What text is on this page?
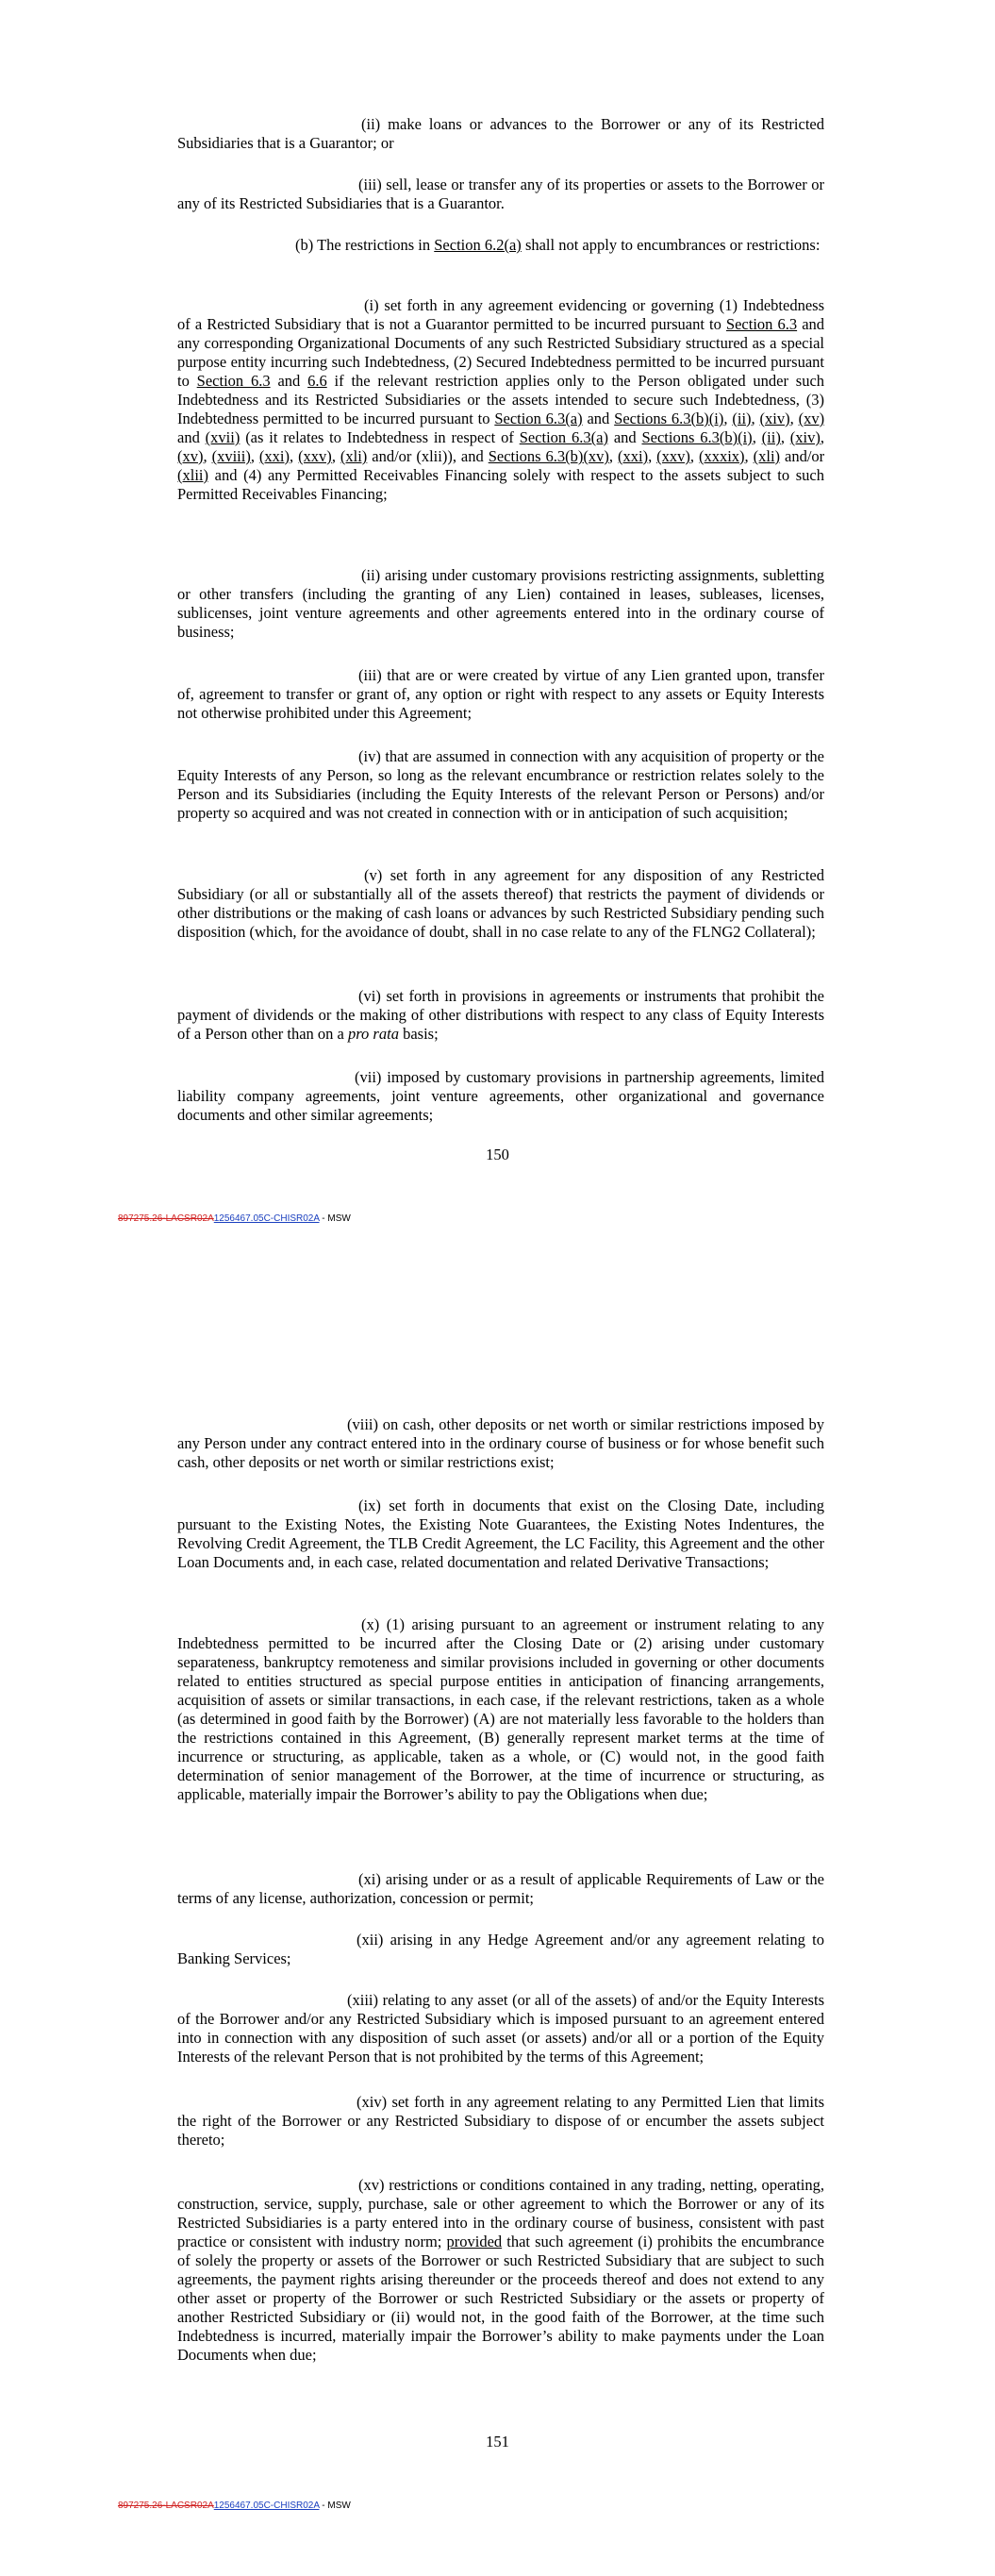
(ii) make loans or advances to the Borrower or any of its Restricted Subsidiaries that is a Guarantor; or

(iii) sell, lease or transfer any of its properties or assets to the Borrower or any of its Restricted Subsidiaries that is a Guarantor.

(b) The restrictions in Section 6.2(a) shall not apply to encumbrances or restrictions:

(i) set forth in any agreement evidencing or governing (1) Indebtedness of a Restricted Subsidiary that is not a Guarantor permitted to be incurred pursuant to Section 6.3 and any corresponding Organizational Documents of any such Restricted Subsidiary structured as a special purpose entity incurring such Indebtedness, (2) Secured Indebtedness permitted to be incurred pursuant to Section 6.3 and 6.6 if the relevant restriction applies only to the Person obligated under such Indebtedness and its Restricted Subsidiaries or the assets intended to secure such Indebtedness, (3) Indebtedness permitted to be incurred pursuant to Section 6.3(a) and Sections 6.3(b)(i), (ii), (xiv), (xv) and (xvii) (as it relates to Indebtedness in respect of Section 6.3(a) and Sections 6.3(b)(i), (ii), (xiv), (xv), (xviii), (xxi), (xxv), (xli) and/or (xlii)), and Sections 6.3(b)(xv), (xxi), (xxv), (xxxix), (xli) and/or (xlii) and (4) any Permitted Receivables Financing solely with respect to the assets subject to such Permitted Receivables Financing;

(ii) arising under customary provisions restricting assignments, subletting or other transfers (including the granting of any Lien) contained in leases, subleases, licenses, sublicenses, joint venture agreements and other agreements entered into in the ordinary course of business;

(iii) that are or were created by virtue of any Lien granted upon, transfer of, agreement to transfer or grant of, any option or right with respect to any assets or Equity Interests not otherwise prohibited under this Agreement;

(iv) that are assumed in connection with any acquisition of property or the Equity Interests of any Person, so long as the relevant encumbrance or restriction relates solely to the Person and its Subsidiaries (including the Equity Interests of the relevant Person or Persons) and/or property so acquired and was not created in connection with or in anticipation of such acquisition;

(v) set forth in any agreement for any disposition of any Restricted Subsidiary (or all or substantially all of the assets thereof) that restricts the payment of dividends or other distributions or the making of cash loans or advances by such Restricted Subsidiary pending such disposition (which, for the avoidance of doubt, shall in no case relate to any of the FLNG2 Collateral);

(vi) set forth in provisions in agreements or instruments that prohibit the payment of dividends or the making of other distributions with respect to any class of Equity Interests of a Person other than on a pro rata basis;

(vii) imposed by customary provisions in partnership agreements, limited liability company agreements, joint venture agreements, other organizational and governance documents and other similar agreements;

150
897275.26-LACSR02A1256467.05C-CHISR02A - MSW

(viii) on cash, other deposits or net worth or similar restrictions imposed by any Person under any contract entered into in the ordinary course of business or for whose benefit such cash, other deposits or net worth or similar restrictions exist;

(ix) set forth in documents that exist on the Closing Date, including pursuant to the Existing Notes, the Existing Note Guarantees, the Existing Notes Indentures, the Revolving Credit Agreement, the TLB Credit Agreement, the LC Facility, this Agreement and the other Loan Documents and, in each case, related documentation and related Derivative Transactions;

(x) (1) arising pursuant to an agreement or instrument relating to any Indebtedness permitted to be incurred after the Closing Date or (2) arising under customary separateness, bankruptcy remoteness and similar provisions included in governing or other documents related to entities structured as special purpose entities in anticipation of financing arrangements, acquisition of assets or similar transactions, in each case, if the relevant restrictions, taken as a whole (as determined in good faith by the Borrower) (A) are not materially less favorable to the holders than the restrictions contained in this Agreement, (B) generally represent market terms at the time of incurrence or structuring, as applicable, taken as a whole, or (C) would not, in the good faith determination of senior management of the Borrower, at the time of incurrence or structuring, as applicable, materially impair the Borrower’s ability to pay the Obligations when due;

(xi) arising under or as a result of applicable Requirements of Law or the terms of any license, authorization, concession or permit;

(xii) arising in any Hedge Agreement and/or any agreement relating to Banking Services;

(xiii) relating to any asset (or all of the assets) of and/or the Equity Interests of the Borrower and/or any Restricted Subsidiary which is imposed pursuant to an agreement entered into in connection with any disposition of such asset (or assets) and/or all or a portion of the Equity Interests of the relevant Person that is not prohibited by the terms of this Agreement;

(xiv) set forth in any agreement relating to any Permitted Lien that limits the right of the Borrower or any Restricted Subsidiary to dispose of or encumber the assets subject thereto;

(xv) restrictions or conditions contained in any trading, netting, operating, construction, service, supply, purchase, sale or other agreement to which the Borrower or any of its Restricted Subsidiaries is a party entered into in the ordinary course of business, consistent with past practice or consistent with industry norm; provided that such agreement (i) prohibits the encumbrance of solely the property or assets of the Borrower or such Restricted Subsidiary that are subject to such agreements, the payment rights arising thereunder or the proceeds thereof and does not extend to any other asset or property of the Borrower or such Restricted Subsidiary or the assets or property of another Restricted Subsidiary or (ii) would not, in the good faith of the Borrower, at the time such Indebtedness is incurred, materially impair the Borrower’s ability to make payments under the Loan Documents when due;

151
897275.26-LACSR02A1256467.05C-CHISR02A - MSW
